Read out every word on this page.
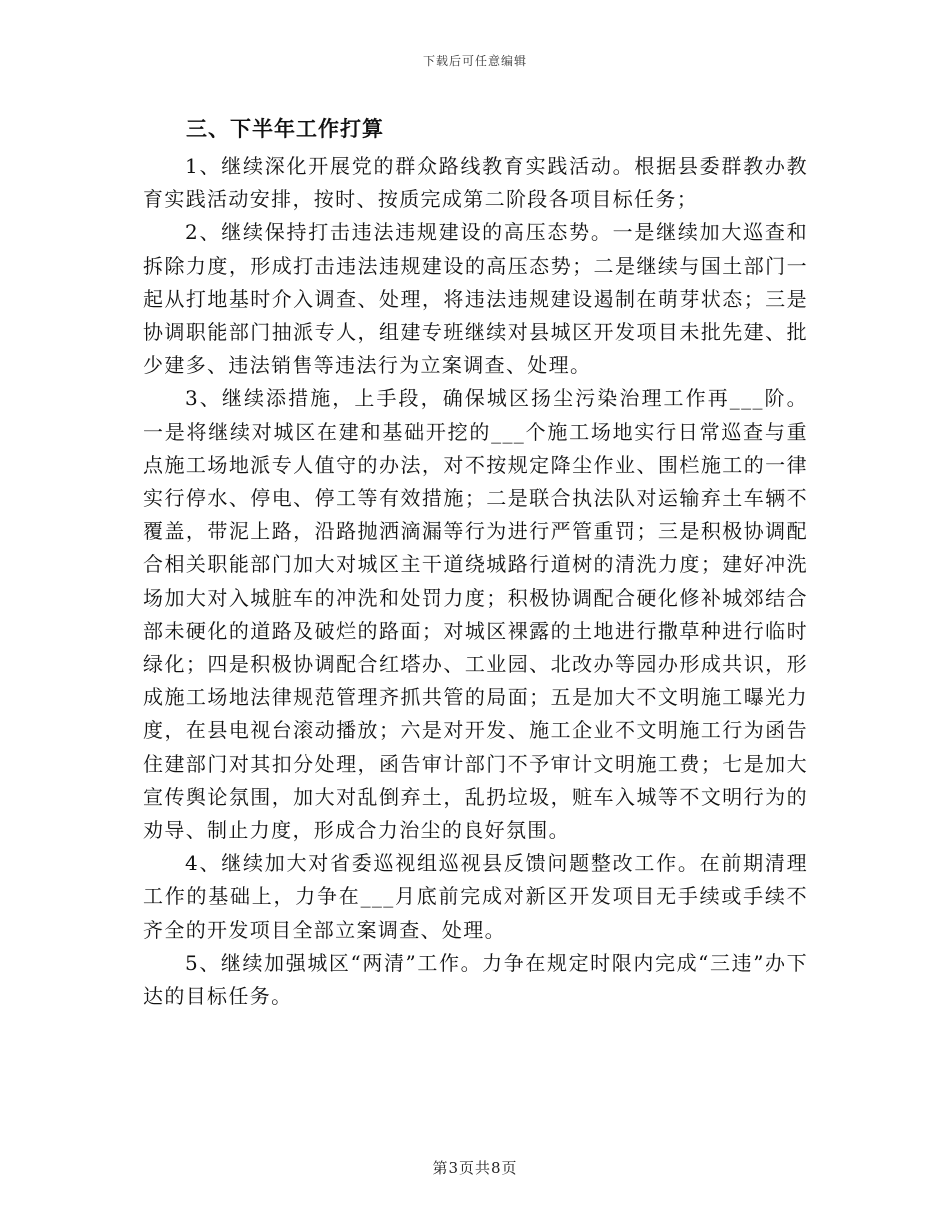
下载后可任意编辑
三、下半年工作打算

1、继续深化开展党的群众路线教育实践活动。根据县委群教办教育实践活动安排，按时、按质完成第二阶段各项目标任务；

2、继续保持打击违法违规建设的高压态势。一是继续加大巡查和拆除力度，形成打击违法违规建设的高压态势；二是继续与国土部门一起从打地基时介入调查、处理，将违法违规建设遏制在萌芽状态；三是协调职能部门抽派专人，组建专班继续对县城区开发项目未批先建、批少建多、违法销售等违法行为立案调查、处理。

3、继续添措施，上手段，确保城区扬尘污染治理工作再___阶。一是将继续对城区在建和基础开挖的___个施工场地实行日常巡查与重点施工场地派专人值守的办法，对不按规定降尘作业、围栏施工的一律实行停水、停电、停工等有效措施；二是联合执法队对运输弃土车辆不覆盖，带泥上路，沿路抛洒滴漏等行为进行严管重罚；三是积极协调配合相关职能部门加大对城区主干道绕城路行道树的清洗力度；建好冲洗场加大对入城脏车的冲洗和处罚力度；积极协调配合硬化修补城郊结合部未硬化的道路及破烂的路面；对城区裸露的土地进行撒草种进行临时绿化；四是积极协调配合红塔办、工业园、北改办等园办形成共识，形成施工场地法律规范管理齐抓共管的局面；五是加大不文明施工曝光力度，在县电视台滚动播放；六是对开发、施工企业不文明施工行为函告住建部门对其扣分处理，函告审计部门不予审计文明施工费；七是加大宣传舆论氛围，加大对乱倒弃土，乱扔垃圾，赃车入城等不文明行为的劝导、制止力度，形成合力治尘的良好氛围。

4、继续加大对省委巡视组巡视县反馈问题整改工作。在前期清理工作的基础上，力争在___月底前完成对新区开发项目无手续或手续不齐全的开发项目全部立案调查、处理。

5、继续加强城区“两清”工作。力争在规定时限内完成“三违”办下达的目标任务。

第3页共8页
